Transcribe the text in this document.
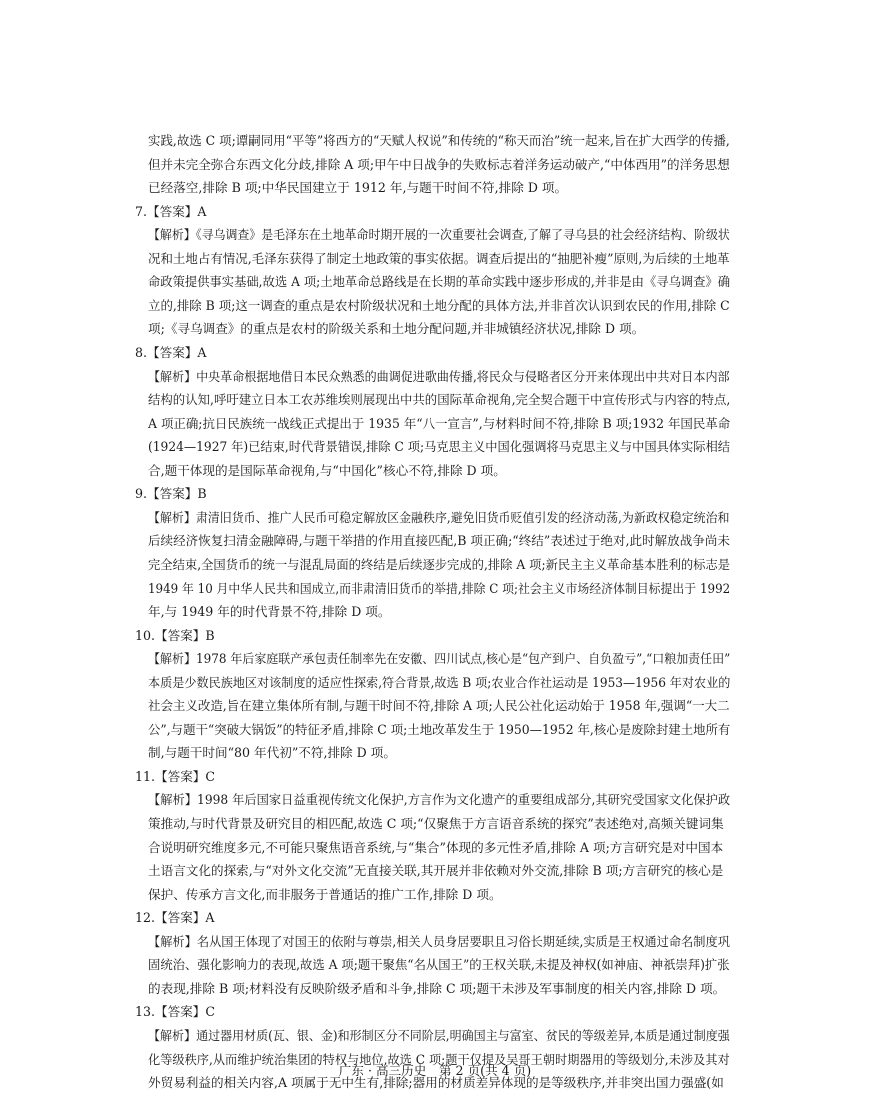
实践,故选 C 项;谭嗣同用“平等”将西方的“天赋人权说”和传统的“称天而治”统一起来,旨在扩大西学的传播,
但并未完全弥合东西文化分歧,排除 A 项;甲午中日战争的失败标志着洋务运动破产,“中体西用”的洋务思想
已经落空,排除 B 项;中华民国建立于 1912 年,与题干时间不符,排除 D 项。
7.【答案】A
【解析】《寻乌调查》是毛泽东在土地革命时期开展的一次重要社会调查,了解了寻乌县的社会经济结构、阶级状
况和土地占有情况,毛泽东获得了制定土地政策的事实依据。调查后提出的“抽肥补瘦”原则,为后续的土地革
命政策提供事实基础,故选 A 项;土地革命总路线是在长期的革命实践中逐步形成的,并非是由《寻乌调查》确
立的,排除 B 项;这一调查的重点是农村阶级状况和土地分配的具体方法,并非首次认识到农民的作用,排除 C
项;《寻乌调查》的重点是农村的阶级关系和土地分配问题,并非城镇经济状况,排除 D 项。
8.【答案】A
【解析】中央革命根据地借日本民众熟悉的曲调促进歌曲传播,将民众与侵略者区分开来体现出中共对日本内部
结构的认知,呼吁建立日本工农苏维埃则展现出中共的国际革命视角,完全契合题干中宣传形式与内容的特点,
A 项正确;抗日民族统一战线正式提出于 1935 年“八一宣言”,与材料时间不符,排除 B 项;1932 年国民革命
(1924—1927 年)已结束,时代背景错误,排除 C 项;马克思主义中国化强调将马克思主义与中国具体实际相结
合,题干体现的是国际革命视角,与“中国化”核心不符,排除 D 项。
9.【答案】B
【解析】肃清旧货币、推广人民币可稳定解放区金融秩序,避免旧货币贬值引发的经济动荡,为新政权稳定统治和
后续经济恢复扫清金融障碍,与题干举措的作用直接匹配,B 项正确;“终结”表述过于绝对,此时解放战争尚未
完全结束,全国货币的统一与混乱局面的终结是后续逐步完成的,排除 A 项;新民主主义革命基本胜利的标志是
1949 年 10 月中华人民共和国成立,而非肃清旧货币的举措,排除 C 项;社会主义市场经济体制目标提出于 1992
年,与 1949 年的时代背景不符,排除 D 项。
10.【答案】B
【解析】1978 年后家庭联产承包责任制率先在安徽、四川试点,核心是“包产到户、自负盈亏”,“口粮加责任田”
本质是少数民族地区对该制度的适应性探索,符合背景,故选 B 项;农业合作社运动是 1953—1956 年对农业的
社会主义改造,旨在建立集体所有制,与题干时间不符,排除 A 项;人民公社化运动始于 1958 年,强调“一大二
公”,与题干“突破大锅饭”的特征矛盾,排除 C 项;土地改革发生于 1950—1952 年,核心是废除封建土地所有
制,与题干时间“80 年代初”不符,排除 D 项。
11.【答案】C
【解析】1998 年后国家日益重视传统文化保护,方言作为文化遗产的重要组成部分,其研究受国家文化保护政
策推动,与时代背景及研究目的相匹配,故选 C 项;“仅聚焦于方言语音系统的探究”表述绝对,高频关键词集
合说明研究维度多元,不可能只聚焦语音系统,与“集合”体现的多元性矛盾,排除 A 项;方言研究是对中国本
土语言文化的探索,与“对外文化交流”无直接关联,其开展并非依赖对外交流,排除 B 项;方言研究的核心是
保护、传承方言文化,而非服务于普通话的推广工作,排除 D 项。
12.【答案】A
【解析】名从国王体现了对国王的依附与尊崇,相关人员身居要职且习俗长期延续,实质是王权通过命名制度巩
固统治、强化影响力的表现,故选 A 项;题干聚焦“名从国王”的王权关联,未提及神权(如神庙、神祇崇拜)扩张
的表现,排除 B 项;材料没有反映阶级矛盾和斗争,排除 C 项;题干未涉及军事制度的相关内容,排除 D 项。
13.【答案】C
【解析】通过器用材质(瓦、银、金)和形制区分不同阶层,明确国主与富室、贫民的等级差异,本质是通过制度强
化等级秩序,从而维护统治集团的特权与地位,故选 C 项;题干仅提及吴哥王朝时期器用的等级划分,未涉及其对
外贸易利益的相关内容,A 项属于无中生有,排除;器用的材质差异体现的是等级秩序,并非突出国力强盛(如
广东 · 高三历史　第 2 页(共 4 页)
